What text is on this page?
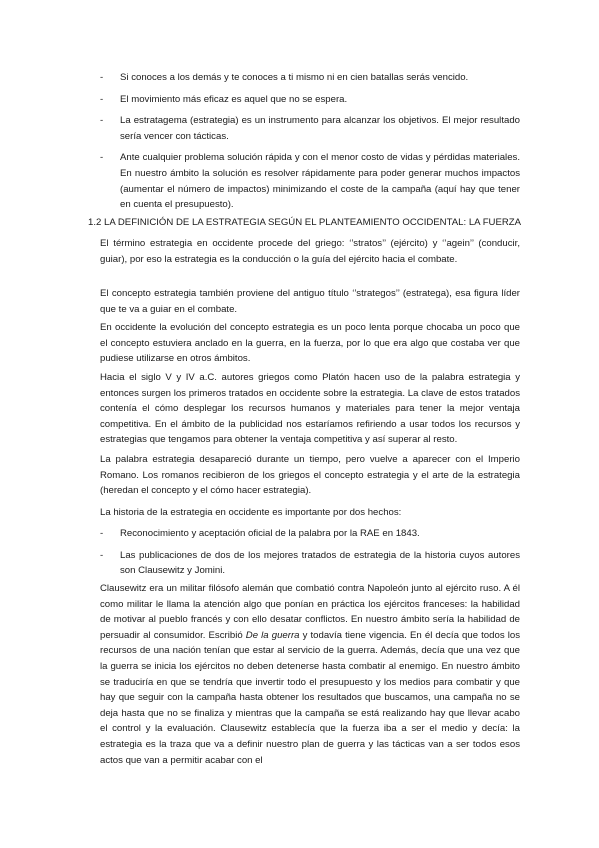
- Si conoces a los demás y te conoces a ti mismo ni en cien batallas serás vencido.
- El movimiento más eficaz es aquel que no se espera.
- La estratagema (estrategia) es un instrumento para alcanzar los objetivos. El mejor resultado sería vencer con tácticas.
- Ante cualquier problema solución rápida y con el menor costo de vidas y pérdidas materiales. En nuestro ámbito la solución es resolver rápidamente para poder generar muchos impactos (aumentar el número de impactos) minimizando el coste de la campaña (aquí hay que tener en cuenta el presupuesto).
1.2 LA DEFINICIÓN DE LA ESTRATEGIA SEGÚN EL PLANTEAMIENTO OCCIDENTAL: LA FUERZA

El término estrategia en occidente procede del griego: ‘’stratos’’ (ejército) y ‘’agein’’ (conducir, guiar), por eso la estrategia es la conducción o la guía del ejército hacia el combate.

El concepto estrategia también proviene del antiguo título ‘’strategos’’ (estratega), esa figura líder que te va a guiar en el combate.

En occidente la evolución del concepto estrategia es un poco lenta porque chocaba un poco que el concepto estuviera anclado en la guerra, en la fuerza, por lo que era algo que costaba ver que pudiese utilizarse en otros ámbitos.

Hacia el siglo V y IV a.C. autores griegos como Platón hacen uso de la palabra estrategia y entonces surgen los primeros tratados en occidente sobre la estrategia. La clave de estos tratados contenía el cómo desplegar los recursos humanos y materiales para tener la mejor ventaja competitiva. En el ámbito de la publicidad nos estaríamos refiriendo a usar todos los recursos y estrategias que tengamos para obtener la ventaja competitiva y así superar al resto.

La palabra estrategia desapareció durante un tiempo, pero vuelve a aparecer con el Imperio Romano. Los romanos recibieron de los griegos el concepto estrategia y el arte de la estrategia (heredan el concepto y el cómo hacer estrategia).

La historia de la estrategia en occidente es importante por dos hechos:

- Reconocimiento y aceptación oficial de la palabra por la RAE en 1843.
- Las publicaciones de dos de los mejores tratados de estrategia de la historia cuyos autores son Clausewitz y Jomini.

Clausewitz era un militar filósofo alemán que combatió contra Napoleón junto al ejército ruso. A él como militar le llama la atención algo que ponían en práctica los ejércitos franceses: la habilidad de motivar al pueblo francés y con ello desatar conflictos. En nuestro ámbito sería la habilidad de persuadir al consumidor. Escribió De la guerra y todavía tiene vigencia. En él decía que todos los recursos de una nación tenían que estar al servicio de la guerra. Además, decía que una vez que la guerra se inicia los ejércitos no deben detenerse hasta combatir al enemigo. En nuestro ámbito se traduciría en que se tendría que invertir todo el presupuesto y los medios para combatir y que hay que seguir con la campaña hasta obtener los resultados que buscamos, una campaña no se deja hasta que no se finaliza y mientras que la campaña se está realizando hay que llevar acabo el control y la evaluación. Clausewitz establecía que la fuerza iba a ser el medio y decía: la estrategia es la traza que va a definir nuestro plan de guerra y las tácticas van a ser todos esos actos que van a permitir acabar con el
